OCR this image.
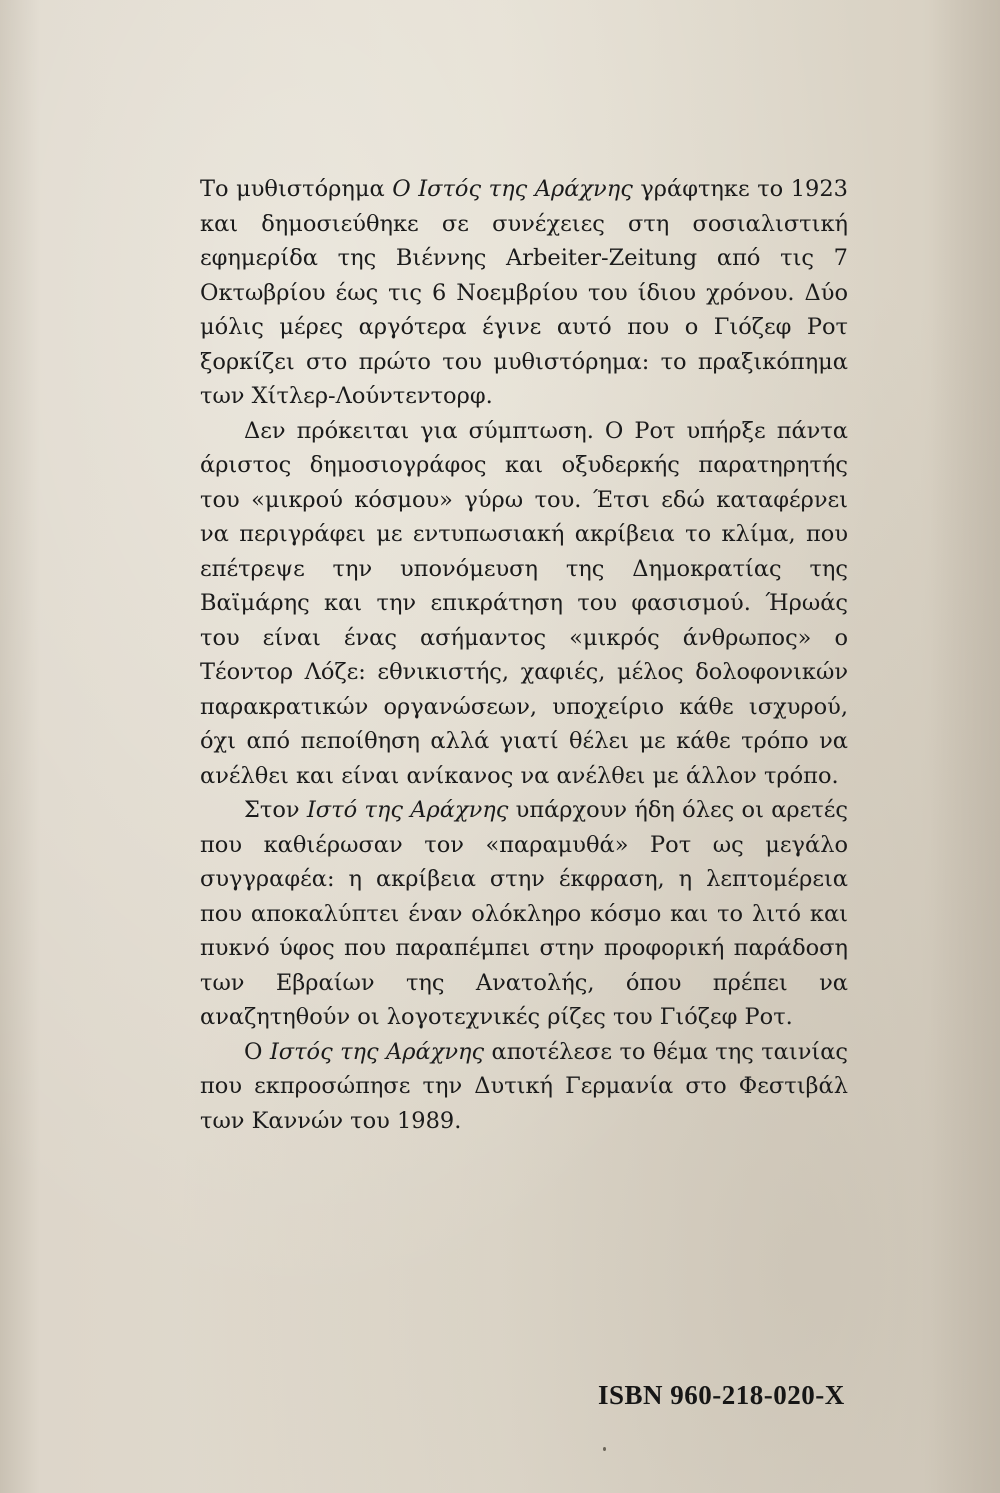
Το μυθιστόρημα Ο Ιστός της Αράχνης γράφτηκε το 1923 και δημοσιεύθηκε σε συνέχειες στη σοσιαλιστική εφημερίδα της Βιέννης Arbeiter-Zeitung από τις 7 Οκτωβρίου έως τις 6 Νοεμβρίου του ίδιου χρόνου. Δύο μόλις μέρες αργότερα έγινε αυτό που ο Γιόζεφ Ροτ ξορκίζει στο πρώτο του μυθιστόρημα: το πραξικόπημα των Χίτλερ-Λούντεντορφ.

Δεν πρόκειται για σύμπτωση. Ο Ροτ υπήρξε πάντα άριστος δημοσιογράφος και οξυδερκής παρατηρητής του «μικρού κόσμου» γύρω του. Έτσι εδώ καταφέρνει να περιγράφει με εντυπωσιακή ακρίβεια το κλίμα, που επέτρεψε την υπονόμευση της Δημοκρατίας της Βαϊμάρης και την επικράτηση του φασισμού. Ήρωάς του είναι ένας ασήμαντος «μικρός άνθρωπος» ο Τέοντορ Λόζε: εθνικιστής, χαφιές, μέλος δολοφονικών παρακρατικών οργανώσεων, υποχείριο κάθε ισχυρού, όχι από πεποίθηση αλλά γιατί θέλει με κάθε τρόπο να ανέλθει και είναι ανίκανος να ανέλθει με άλλον τρόπο.

Στον Ιστό της Αράχνης υπάρχουν ήδη όλες οι αρετές που καθιέρωσαν τον «παραμυθά» Ροτ ως μεγάλο συγγραφέα: η ακρίβεια στην έκφραση, η λεπτομέρεια που αποκαλύπτει έναν ολόκληρο κόσμο και το λιτό και πυκνό ύφος που παραπέμπει στην προφορική παράδοση των Εβραίων της Ανατολής, όπου πρέπει να αναζητηθούν οι λογοτεχνικές ρίζες του Γιόζεφ Ροτ.

Ο Ιστός της Αράχνης αποτέλεσε το θέμα της ταινίας που εκπροσώπησε την Δυτική Γερμανία στο Φεστιβάλ των Καννών του 1989.

ISBN 960-218-020-X
